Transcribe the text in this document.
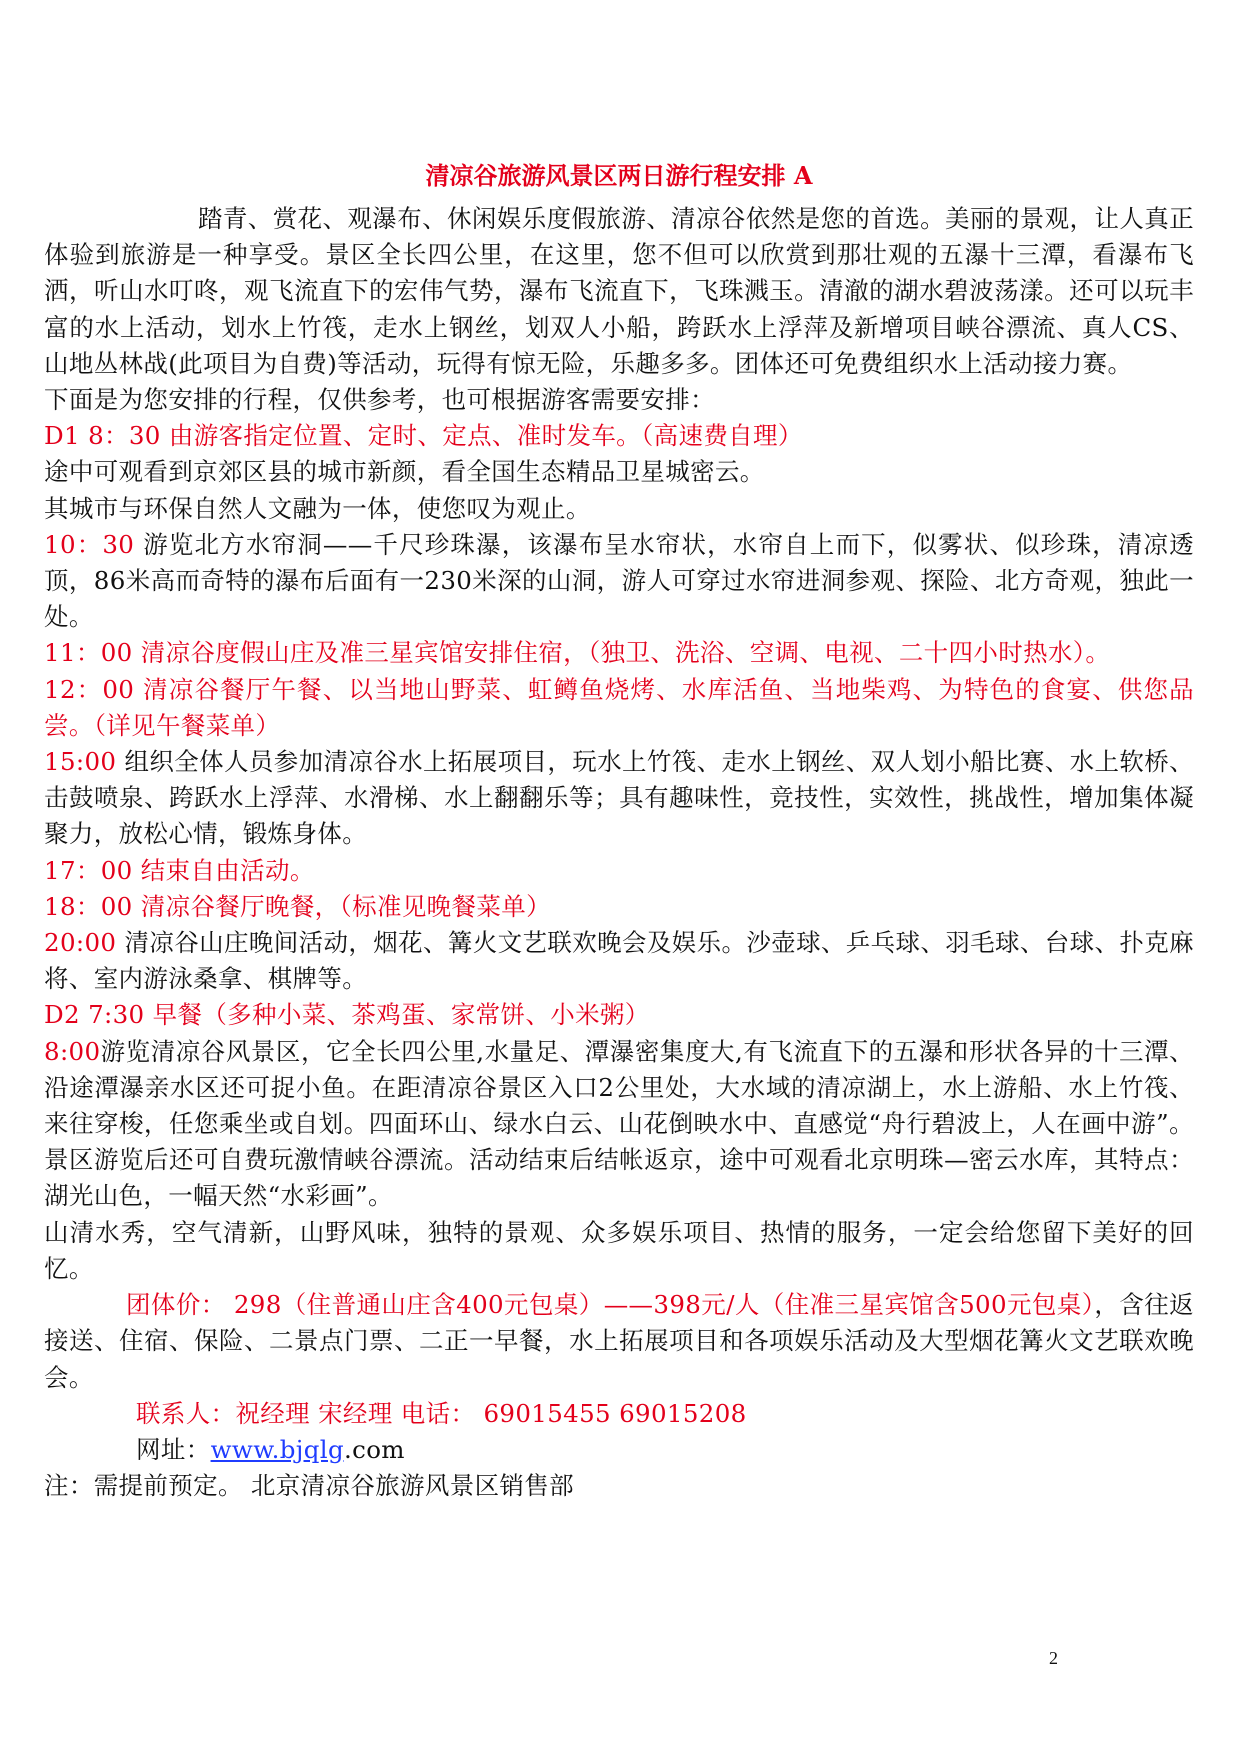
清凉谷旅游风景区两日游行程安排 A

踏青、赏花、观瀑布、休闲娱乐度假旅游、清凉谷依然是您的首选。美丽的景观，让人真正体验到旅游是一种享受。景区全长四公里，在这里，您不但可以欣赏到那壮观的五瀑十三潭，看瀑布飞洒，听山水叮咚，观飞流直下的宏伟气势，瀑布飞流直下，飞珠溅玉。清澈的湖水碧波荡漾。还可以玩丰富的水上活动，划水上竹筏，走水上钢丝，划双人小船，跨跃水上浮萍及新增项目峡谷漂流、真人CS、山地丛林战(此项目为自费)等活动，玩得有惊无险，乐趣多多。团体还可免费组织水上活动接力赛。

下面是为您安排的行程，仅供参考，也可根据游客需要安排：

D1 8：30 由游客指定位置、定时、定点、准时发车。（高速费自理）

途中可观看到京郊区县的城市新颜，看全国生态精品卫星城密云。

其城市与环保自然人文融为一体，使您叹为观止。

10：30 游览北方水帘洞——千尺珍珠瀑，该瀑布呈水帘状，水帘自上而下，似雾状、似珍珠，清凉透顶，86米高而奇特的瀑布后面有一230米深的山洞，游人可穿过水帘进洞参观、探险、北方奇观，独此一处。

11：00 清凉谷度假山庄及准三星宾馆安排住宿，（独卫、洗浴、空调、电视、二十四小时热水）。

12：00 清凉谷餐厅午餐、以当地山野菜、虹鳟鱼烧烤、水库活鱼、当地柴鸡、为特色的食宴、供您品尝。（详见午餐菜单）

15:00 组织全体人员参加清凉谷水上拓展项目，玩水上竹筏、走水上钢丝、双人划小船比赛、水上软桥、击鼓喷泉、跨跃水上浮萍、水滑梯、水上翻翻乐等；具有趣味性，竞技性，实效性，挑战性，增加集体凝聚力，放松心情，锻炼身体。

17：00 结束自由活动。

18：00 清凉谷餐厅晚餐，（标准见晚餐菜单）

20:00 清凉谷山庄晚间活动，烟花、篝火文艺联欢晚会及娱乐。沙壶球、乒乓球、羽毛球、台球、扑克麻将、室内游泳桑拿、棋牌等。

D2 7:30 早餐（多种小菜、茶鸡蛋、家常饼、小米粥）

8:00游览清凉谷风景区，它全长四公里,水量足、潭瀑密集度大,有飞流直下的五瀑和形状各异的十三潭、沿途潭瀑亲水区还可捉小鱼。在距清凉谷景区入口2公里处，大水域的清凉湖上，水上游船、水上竹筏、来往穿梭，任您乘坐或自划。四面环山、绿水白云、山花倒映水中、直感觉“舟行碧波上，人在画中游”。景区游览后还可自费玩激情峡谷漂流。活动结束后结帐返京，途中可观看北京明珠—密云水库，其特点：湖光山色，一幅天然“水彩画”。

山清水秀，空气清新，山野风味，独特的景观、众多娱乐项目、热情的服务，一定会给您留下美好的回忆。

团体价： 298（住普通山庄含400元包桌）——398元/人（住准三星宾馆含500元包桌），含往返接送、住宿、保险、二景点门票、二正一早餐，水上拓展项目和各项娱乐活动及大型烟花篝火文艺联欢晚会。

联系人：祝经理 宋经理 电话： 69015455 69015208

网址：www.bjqlg.com

注：需提前预定。 北京清凉谷旅游风景区销售部

2
